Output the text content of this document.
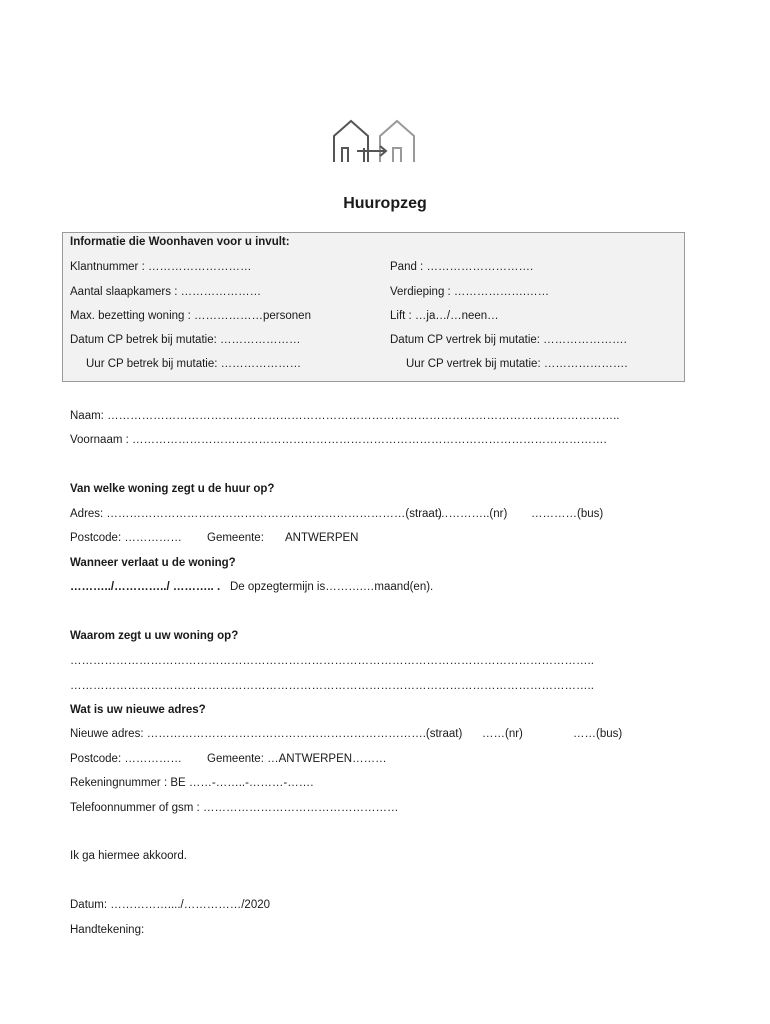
Huuropzeg
Informatie die Woonhaven voor u invult:
Klantnummer : ………………………
Aantal slaapkamers : …………………
Max. bezetting woning : ………………personen
Datum CP betrek bij mutatie: …………………
Uur CP betrek bij mutatie: …………………
Pand : ……………………….
Verdieping : ……………….……
Lift : …ja…/…neen…
Datum CP vertrek bij mutatie: ………………….
Uur CP vertrek bij mutatie: ………………….
Naam: ……………………………………………………………………………………………………………………..
Voornaam : …………………………………………………………………………………………………………….
Van welke woning zegt u de huur op?
Adres: ……………………………………………………………………(straat)
…………..(nr) …………(bus)
Postcode: …………… Gemeente: ANTWERPEN
Wanneer verlaat u de woning?
………../…………../ ……….. . De opzegtermijn is……….…maand(en).
Waarom zegt u uw woning op?
………………………………………………………………………………………………………………………..
………………………………………………………………………………………………………………………..
Wat is uw nieuwe adres?
Nieuwe adres: ……………………………………………………………….(straat) ……(nr)	……(bus)
Postcode: …………… Gemeente: …ANTWERPEN………
Rekeningnummer : BE ……-……..-………-…….
Telefoonnummer of gsm : ……………………………………………
Ik ga hiermee akkoord.
Datum: ……………..../……………/2020
Handtekening:
